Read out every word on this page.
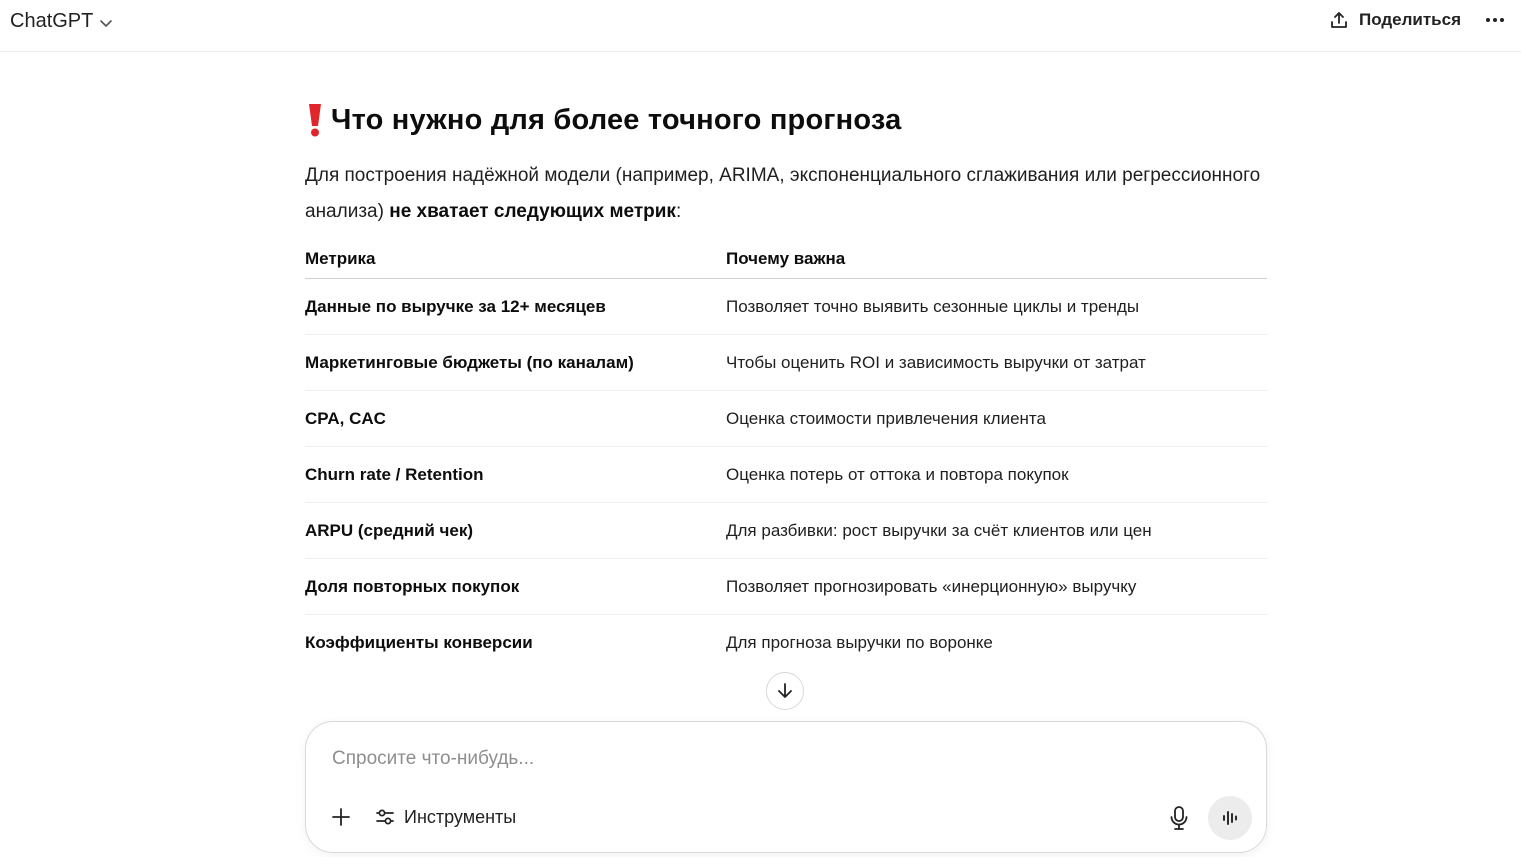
ChatGPT	Поделиться
Что нужно для более точного прогноза

Для построения надёжной модели (например, ARIMA, экспоненциального сглаживания или регрессионного анализа) не хватает следующих метрик:

Метрика	Почему важна
Данные по выручке за 12+ месяцев	Позволяет точно выявить сезонные циклы и тренды
Маркетинговые бюджеты (по каналам)	Чтобы оценить ROI и зависимость выручки от затрат
CPA, CAC	Оценка стоимости привлечения клиента
Churn rate / Retention	Оценка потерь от оттока и повтора покупок
ARPU (средний чек)	Для разбивки: рост выручки за счёт клиентов или цен
Доля повторных покупок	Позволяет прогнозировать «инерционную» выручку
Коэффициенты конверсии	Для прогноза выручки по воронке
Спросите что-нибудь...
Инструменты
